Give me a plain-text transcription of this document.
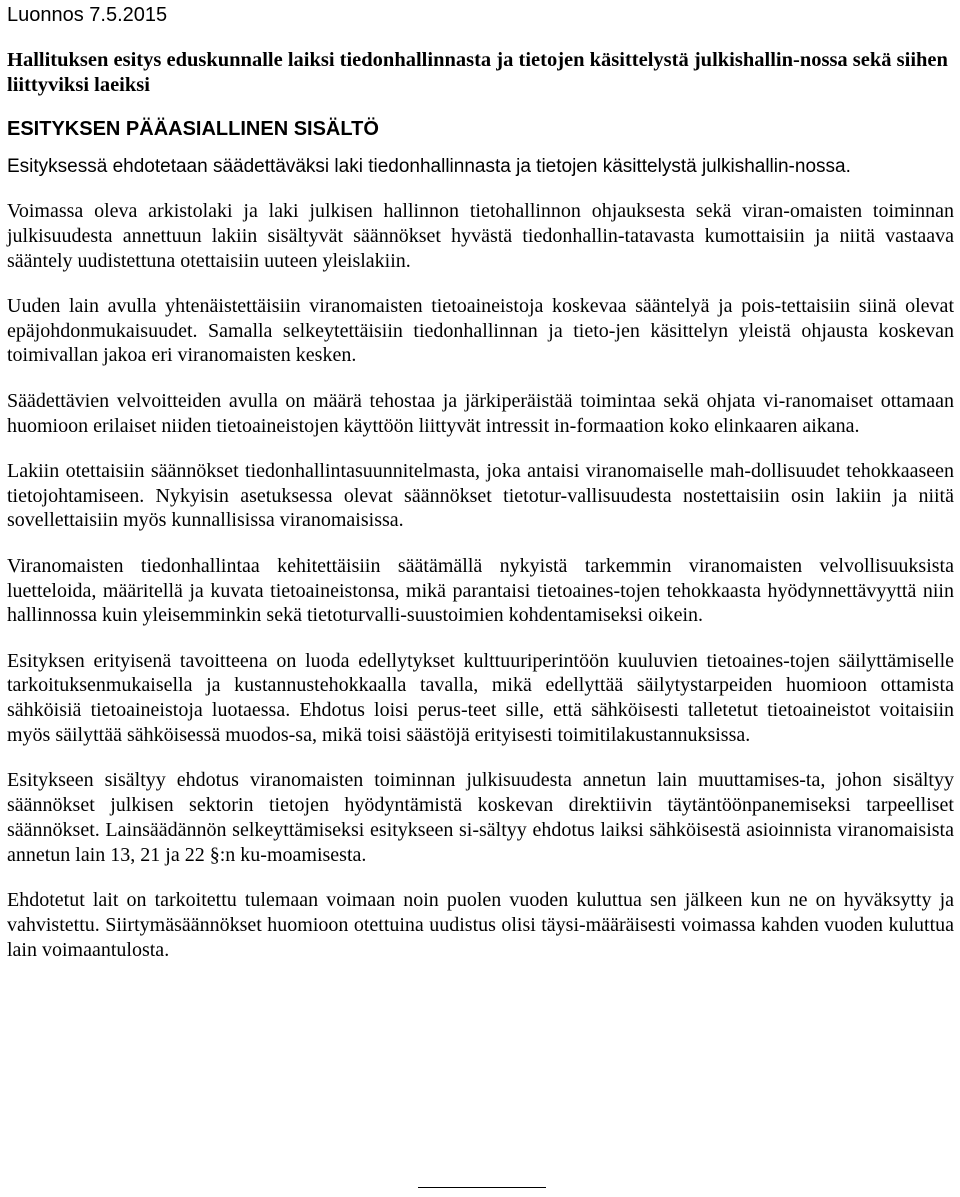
Luonnos 7.5.2015

Hallituksen esitys eduskunnalle laiksi tiedonhallinnasta ja tietojen käsittelystä julkishallin-nossa sekä siihen liittyviksi laeiksi
ESITYKSEN PÄÄASIALLINEN SISÄLTÖ

Esityksessä ehdotetaan säädettäväksi laki tiedonhallinnasta ja tietojen käsittelystä julkishallin-nossa.

Voimassa oleva arkistolaki ja laki julkisen hallinnon tietohallinnon ohjauksesta sekä viran-omaisten toiminnan julkisuudesta annettuun lakiin sisältyvät säännökset hyvästä tiedonhallin-tatavasta kumottaisiin ja niitä vastaava sääntely uudistettuna otettaisiin uuteen yleislakiin.

Uuden lain avulla yhtenäistettäisiin viranomaisten tietoaineistoja koskevaa sääntelyä ja pois-tettaisiin siinä olevat epäjohdonmukaisuudet. Samalla selkeytettäisiin tiedonhallinnan ja tieto-jen käsittelyn yleistä ohjausta koskevan toimivallan jakoa eri viranomaisten kesken.

Säädettävien velvoitteiden avulla on määrä tehostaa ja järkiperäistää toimintaa sekä ohjata vi-ranomaiset ottamaan huomioon erilaiset niiden tietoaineistojen käyttöön liittyvät intressit in-formaation koko elinkaaren aikana.

Lakiin otettaisiin säännökset tiedonhallintasuunnitelmasta, joka antaisi viranomaiselle mah-dollisuudet tehokkaaseen tietojohtamiseen. Nykyisin asetuksessa olevat säännökset tietotur-vallisuudesta nostettaisiin osin lakiin ja niitä sovellettaisiin myös kunnallisissa viranomaisissa.

Viranomaisten tiedonhallintaa kehitettäisiin säätämällä nykyistä tarkemmin viranomaisten velvollisuuksista luetteloida, määritellä ja kuvata tietoaineistonsa, mikä parantaisi tietoaines-tojen tehokkaasta hyödynnettävyyttä niin hallinnossa kuin yleisemminkin sekä tietoturvalli-suustoimien kohdentamiseksi oikein.

Esityksen erityisenä tavoitteena on luoda edellytykset kulttuuriperintöön kuuluvien tietoaines-tojen säilyttämiselle tarkoituksenmukaisella ja kustannustehokkaalla tavalla, mikä edellyttää säilytystarpeiden huomioon ottamista sähköisiä tietoaineistoja luotaessa. Ehdotus loisi perus-teet sille, että sähköisesti talletetut tietoaineistot voitaisiin myös säilyttää sähköisessä muodos-sa, mikä toisi säästöjä erityisesti toimitilakustannuksissa.

Esitykseen sisältyy ehdotus viranomaisten toiminnan julkisuudesta annetun lain muuttamises-ta, johon sisältyy säännökset julkisen sektorin tietojen hyödyntämistä koskevan direktiivin täytäntöönpanemiseksi tarpeelliset säännökset. Lainsäädännön selkeyttämiseksi esitykseen si-sältyy ehdotus laiksi sähköisestä asioinnista viranomaisista annetun lain 13, 21 ja 22 §:n ku-moamisesta.

Ehdotetut lait on tarkoitettu tulemaan voimaan noin puolen vuoden kuluttua sen jälkeen kun ne on hyväksytty ja vahvistettu. Siirtymäsäännökset huomioon otettuina uudistus olisi täysi-määräisesti voimassa kahden vuoden kuluttua lain voimaantulosta.
